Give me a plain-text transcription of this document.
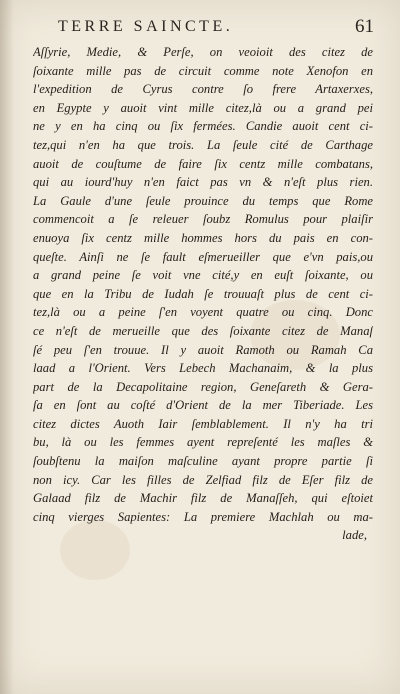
TERRE SAINCTE.	61
Aſſyrie, Medie, & Perſe, on veoioit des citez de
ſoixante mille pas de circuit comme note Xenofon en
l'expedition de Cyrus contre ſo frere Artaxerxes,
en Egypte y auoit vint mille citez,là ou a grand pei
ne y en ha cinq ou ſix fermées. Candie auoit cent ci-
tez,qui n'en ha que trois. La ſeule cité de Carthage
auoit de couſtume de faire ſix centz mille combatans,
qui au iourd'huy n'en faict pas vn & n'eſt plus rien.
La Gaule d'une ſeule prouince du temps que Rome
commencoit a ſe releuer ſoubz Romulus pour plaiſir
enuoya ſix centz mille hommes hors du pais en con-
queſte. Ainſi ne ſe fault eſmerueiller que e'vn pais,ou
a grand peine ſe voit vne cité,y en euſt ſoixante, ou
que en la Tribu de Iudah ſe trouuaſt plus de cent ci-
tez,là ou a peine ſ'en voyent quatre ou cinq. Donc
ce n'eſt de merueille que des ſoixante citez de Manaſ
ſé peu ſ'en trouue. Il y auoit Ramoth ou Ramah Ca
laad a l'Orient. Vers Lebech Machanaim, & la plus
part de la Decapolitaine region, Geneſareth & Gera-
ſa en ſont au coſté d'Orient de la mer Tiberiade. Les
citez dictes Auoth Iair ſemblablement. Il n'y ha tri
bu, là ou les femmes ayent repreſenté les maſles &
ſoubſtenu la maiſon maſculine ayant propre partie ſi
non icy. Car les filles de Zelfiad filz de Eſer filz de
Galaad filz de Machir filz de Manaſſeh, qui eſtoiet
cinq vierges Sapientes: La premiere Machlah ou ma-
lade,
